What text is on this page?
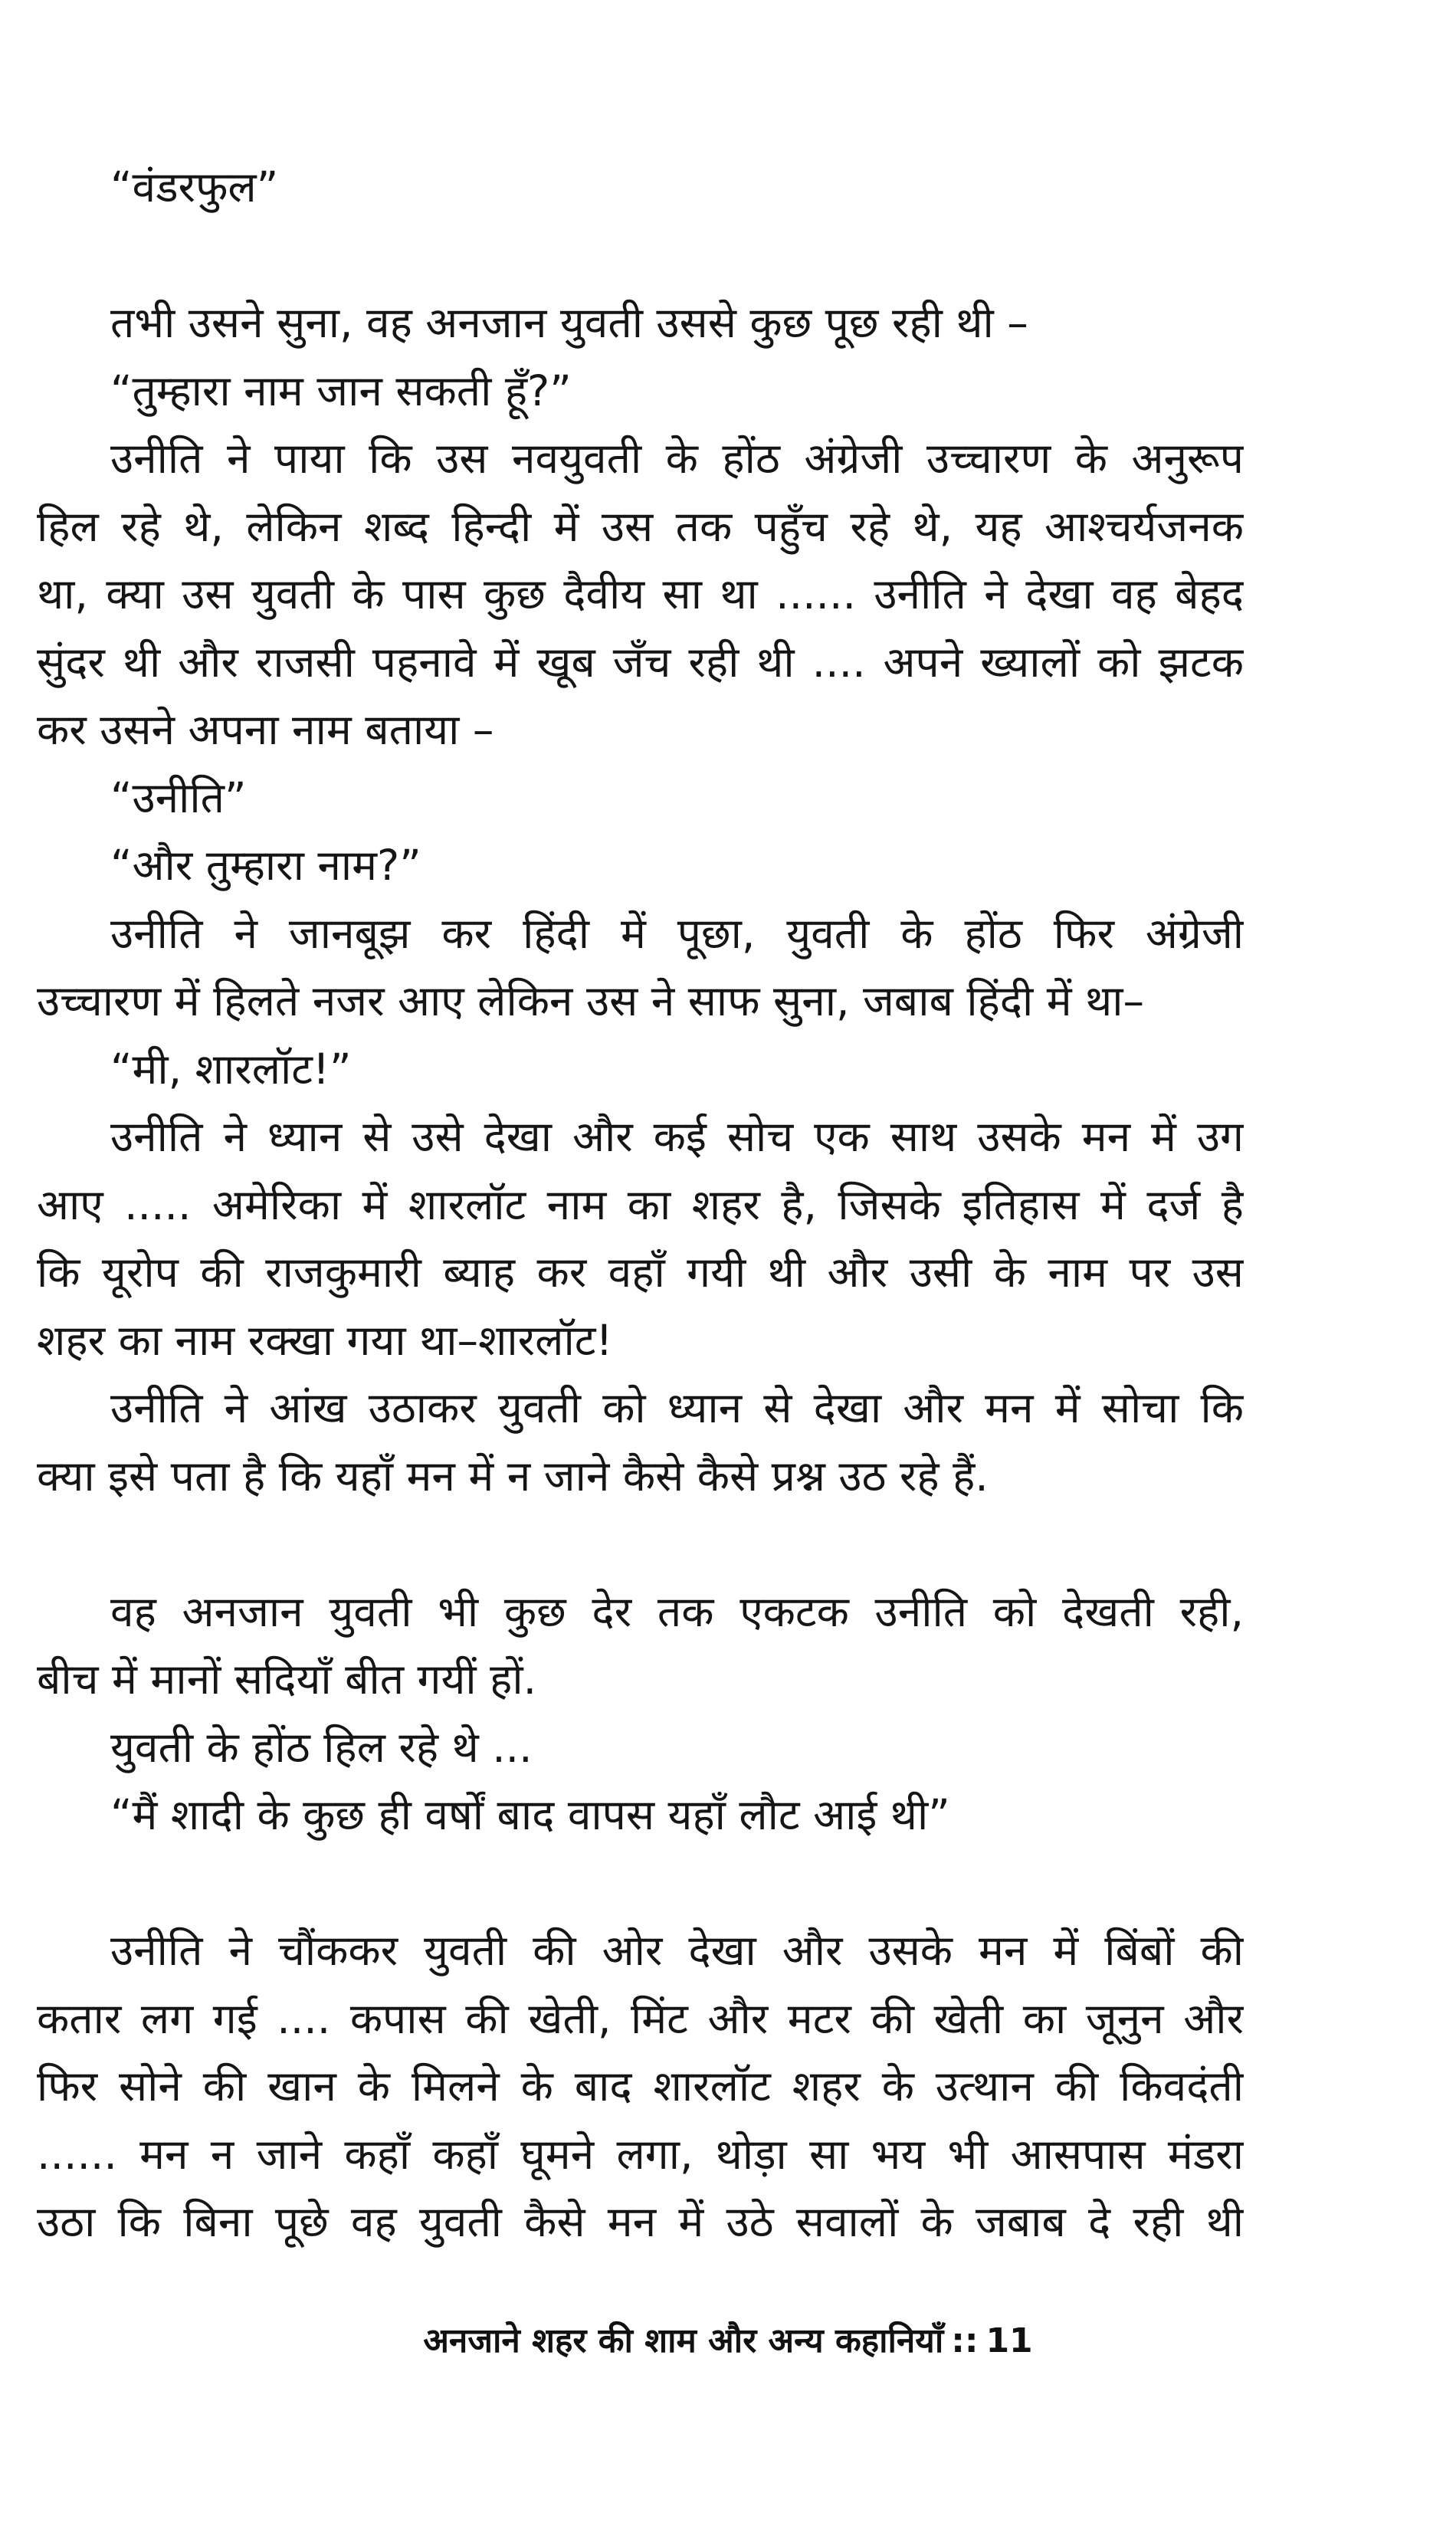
“वंडरफुल”
तभी उसने सुना, वह अनजान युवती उससे कुछ पूछ रही थी –
“तुम्हारा नाम जान सकती हूँ?”
उनीति ने पाया कि उस नवयुवती के होंठ अंग्रेजी उच्चारण के अनुरूप
हिल रहे थे, लेकिन शब्द हिन्दी में उस तक पहुँच रहे थे, यह आश्चर्यजनक
था, क्या उस युवती के पास कुछ दैवीय सा था ...... उनीति ने देखा वह बेहद
सुंदर थी और राजसी पहनावे में खूब जँच रही थी .... अपने ख्यालों को झटक
कर उसने अपना नाम बताया –
“उनीति”
“और तुम्हारा नाम?”
उनीति ने जानबूझ कर हिंदी में पूछा, युवती के होंठ फिर अंग्रेजी
उच्चारण में हिलते नजर आए लेकिन उस ने साफ सुना, जबाब हिंदी में था–
“मी, शारलॉट!”
उनीति ने ध्यान से उसे देखा और कई सोच एक साथ उसके मन में उग
आए ..... अमेरिका में शारलॉट नाम का शहर है, जिसके इतिहास में दर्ज है
कि यूरोप की राजकुमारी ब्याह कर वहाँ गयी थी और उसी के नाम पर उस
शहर का नाम रक्खा गया था–शारलॉट!
उनीति ने आंख उठाकर युवती को ध्यान से देखा और मन में सोचा कि
क्या इसे पता है कि यहाँ मन में न जाने कैसे कैसे प्रश्न उठ रहे हैं.
वह अनजान युवती भी कुछ देर तक एकटक उनीति को देखती रही,
बीच में मानों सदियाँ बीत गयीं हों.
युवती के होंठ हिल रहे थे ...
“मैं शादी के कुछ ही वर्षों बाद वापस यहाँ लौट आई थी”
उनीति ने चौंककर युवती की ओर देखा और उसके मन में बिंबों की
कतार लग गई .... कपास की खेती, मिंट और मटर की खेती का जूनुन और
फिर सोने की खान के मिलने के बाद शारलॉट शहर के उत्थान की किवदंती
...... मन न जाने कहाँ कहाँ घूमने लगा, थोड़ा सा भय भी आसपास मंडरा
उठा कि बिना पूछे वह युवती कैसे मन में उठे सवालों के जबाब दे रही थी
अनजाने शहर की शाम और अन्य कहानियाँ :: 11
